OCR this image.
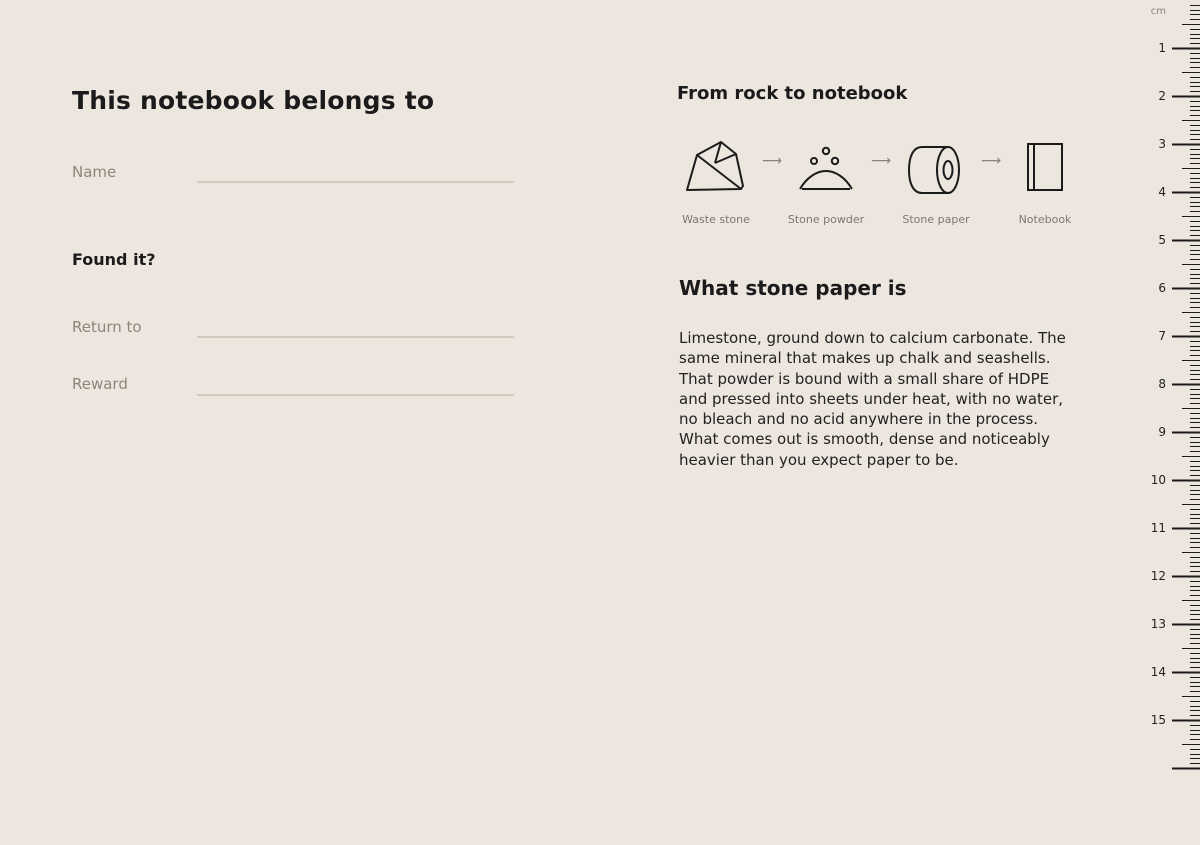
This notebook belongs to
Name
Found it?
Return to
Reward
From rock to notebook
Waste stone
⟶
Stone powder
⟶
Stone paper
⟶
Notebook
What stone paper is

Limestone, ground down to calcium carbonate. The
same mineral that makes up chalk and seashells.
That powder is bound with a small share of HDPE
and pressed into sheets under heat, with no water,
no bleach and no acid anywhere in the process.
What comes out is smooth, dense and noticeably
heavier than you expect paper to be.

cm
1
2
3
4
5
6
7
8
9
10
11
12
13
14
15
